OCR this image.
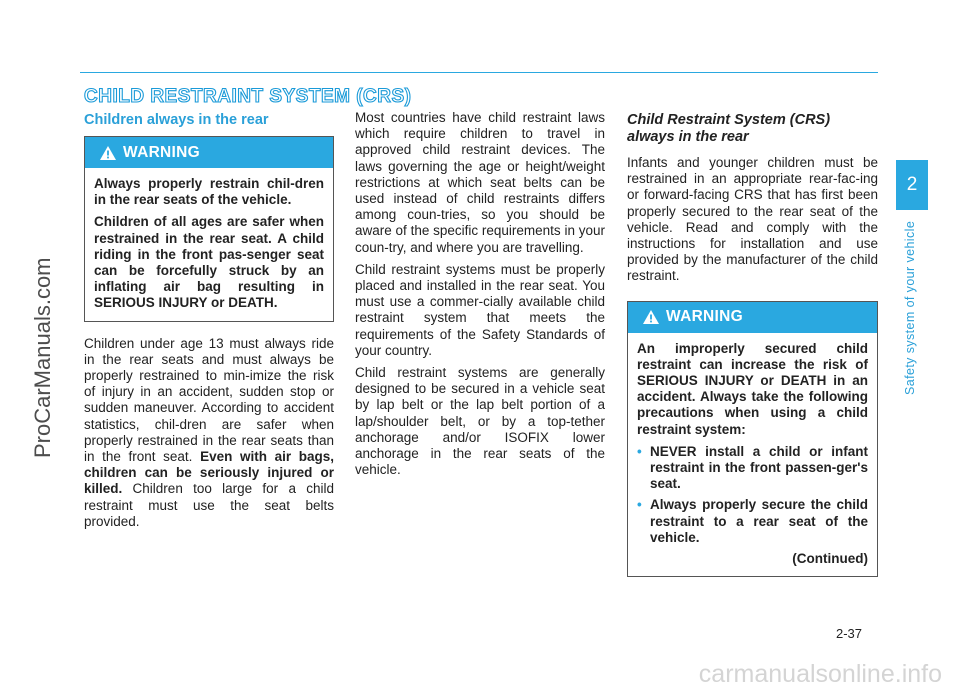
CHILD RESTRAINT SYSTEM (CRS)
ProCarManuals.com
carmanualsonline.info
Children always in the rear
WARNING

Always properly restrain chil-dren in the rear seats of the vehicle.

Children of all ages are safer when restrained in the rear seat. A child riding in the front pas-senger seat can be forcefully struck by an inflating air bag resulting in SERIOUS INJURY or DEATH.

Children under age 13 must always ride in the rear seats and must always be properly restrained to min-imize the risk of injury in an accident, sudden stop or sudden maneuver. According to accident statistics, chil-dren are safer when properly restrained in the rear seats than in the front seat. Even with air bags, children can be seriously injured or killed. Children too large for a child restraint must use the seat belts provided.

Most countries have child restraint laws which require children to travel in approved child restraint devices. The laws governing the age or height/weight restrictions at which seat belts can be used instead of child restraints differs among coun-tries, so you should be aware of the specific requirements in your coun-try, and where you are travelling.

Child restraint systems must be properly placed and installed in the rear seat. You must use a commer-cially available child restraint system that meets the requirements of the Safety Standards of your country.

Child restraint systems are generally designed to be secured in a vehicle seat by lap belt or the lap belt portion of a lap/shoulder belt, or by a top-tether anchorage and/or ISOFIX lower anchorage in the rear seats of the vehicle.

Child Restraint System (CRS) always in the rear

Infants and younger children must be restrained in an appropriate rear-fac-ing or forward-facing CRS that has first been properly secured to the rear seat of the vehicle. Read and comply with the instructions for installation and use provided by the manufacturer of the child restraint.

WARNING

An improperly secured child restraint can increase the risk of SERIOUS INJURY or DEATH in an accident. Always take the following precautions when using a child restraint system:

• NEVER install a child or infant restraint in the front passen-ger's seat.
• Always properly secure the child restraint to a rear seat of the vehicle.
(Continued)
2
Safety system of your vehicle
2-37
